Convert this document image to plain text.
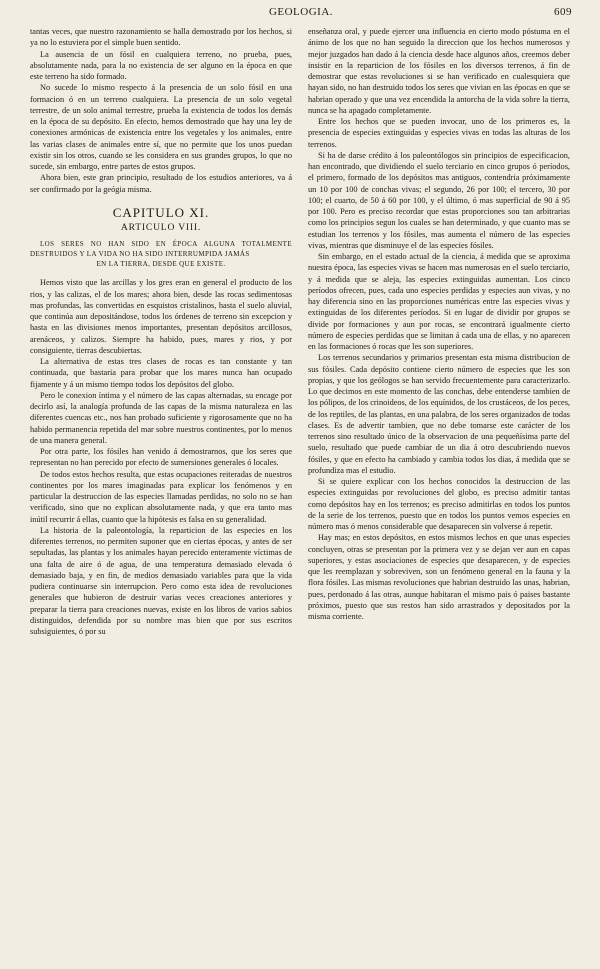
GEOLOGIA.	609

tantas veces, que nuestro razonamiento se halla demostrado por los hechos, si ya no lo estuviera por el simple buen sentido.

La ausencia de un fósil en cualquiera terreno, no prueba, pues, absolutamente nada, para la no existencia de ser alguno en la época en que este terreno ha sido formado.

No sucede lo mismo respecto á la presencia de un solo fósil en una formacion ó en un terreno cualquiera. La presencia de un solo vegetal terrestre, de un solo animal terrestre, prueba la existencia de todos los demás en la época de su depósito. En efecto, hemos demostrado que hay una ley de conexiones armónicas de existencia entre los vegetales y los animales, entre las varias clases de animales entre sí, que no permite que los unos puedan existir sin los otros, cuando se les considera en sus grandes grupos, lo que no sucede, sin embargo, entre partes de estos grupos.

Ahora bien, este gran principio, resultado de los estudios anteriores, va á ser confirmado por la geógia misma.

CAPITULO XI.
ARTICULO VIII.
LOS SERES NO HAN SIDO EN ÉPOCA ALGUNA TOTALMENTE DESTRUIDOS Y LA VIDA NO HA SIDO INTERRUMPIDA JAMÁS
EN LA TIERRA, DESDE QUE EXISTE.

Hemos visto que las arcillas y los gres eran en general el producto de los rios, y las calizas, el de los mares; ahora bien, desde las rocas sedimentosas mas profundas, las convertidas en esquistos cristalinos, hasta el suelo aluvial, que continúa aun depositándose, todos los órdenes de terreno sin excepcion y hasta en las divisiones menos importantes, presentan depósitos arcillosos, arenáceos, y calizos. Siempre ha habido, pues, mares y rios, y por consiguiente, tierras descubiertas.

La alternativa de estas tres clases de rocas es tan constante y tan continuada, que bastaria para probar que los mares nunca han ocupado fijamente y á un mismo tiempo todos los depósitos del globo.

Pero le conexion íntima y el número de las capas alternadas, su encage por decirlo así, la analogía profunda de las capas de la misma naturaleza en las diferentes cuencas etc., nos han probado suficiente y rigorosamente que no ha habido permanencia repetida del mar sobre nuestros continentes, por lo menos de una manera general.

Por otra parte, los fósiles han venido á demostrarnos, que los seres que representan no han perecido por efecto de sumersiones generales ó locales.

De todos estos hechos resulta, que estas ocupaciones reiteradas de nuestros continentes por los mares imaginadas para explicar los fenómenos y en particular la destruccion de las especies llamadas perdidas, no solo no se han verificado, sino que no explican absolutamente nada, y que era tanto mas inútil recurrir á ellas, cuanto que la hipótesis es falsa en su generalidad.

La historia de la paleontología, la reparticion de las especies en los diferentes terrenos, no permiten suponer que en ciertas épocas, y antes de ser sepultadas, las plantas y los animales hayan perecido enteramente víctimas de una falta de aire ó de agua, de una temperatura demasiado elevada ó demasiado baja, y en fin, de medios demasiado variables para que la vida pudiera continuarse sin interrupcion. Pero como esta idea de revoluciones generales que hubieron de destruir varias veces creaciones anteriores y preparar la tierra para creaciones nuevas, existe en los libros de varios sabios distinguidos, defendida por su nombre mas bien que por sus escritos subsiguientes, ó por su

enseñanza oral, y puede ejercer una influencia en cierto modo póstuma en el ánimo de los que no han seguido la direccion que los hechos numerosos y mejor juzgados han dado á la ciencia desde hace algunos años, creemos deber insistir en la reparticion de los fósiles en los diversos terrenos, á fin de demostrar que estas revoluciones si se han verificado en cualesquiera que hayan sido, no han destruido todos los seres que vivian en las épocas en que se habrian operado y que una vez encendida la antorcha de la vida sobre la tierra, nunca se ha apagado completamente.

Entre los hechos que se pueden invocar, uno de los primeros es, la presencia de especies extinguidas y especies vivas en todas las alturas de los terrenos.

Si ha de darse crédito á los paleontólogos sin principios de especificacion, han encontrado, que dividiendo el suelo terciario en cinco grupos ó períodos, el primero, formado de los depósitos mas antiguos, contendria próximamente un 10 por 100 de conchas vivas; el segundo, 26 por 100; el tercero, 30 por 100; el cuarto, de 50 á 60 por 100, y el último, ó mas superficial de 90 á 95 por 100. Pero es preciso recordar que estas proporciones sou tan arbitrarias como los principios segun los cuales se han determinado, y que cuanto mas se estudian los terrenos y los fósiles, mas aumenta el número de las especies vivas, mientras que disminuye el de las especies fósiles.

Sin embargo, en el estado actual de la ciencia, á medida que se aproxima nuestra época, las especies vivas se hacen mas numerosas en el suelo terciario, y á medida que se aleja, las especies extinguidas aumentan. Los cinco períodos ofrecen, pues, cada uno especies perdidas y especies aun vivas, y no hay diferencia sino en las proporciones numéricas entre las especies vivas y extinguidas de los diferentes períodos. Si en lugar de dividir por grupos se divide por formaciones y aun por rocas, se encontrará igualmente cierto número de especies perdidas que se limitan á cada una de ellas, y no aparecen en las formaciones ó rocas que les son superiores.

Los terrenos secundarios y primarios presentan esta misma distribucion de sus fósiles. Cada depósito contiene cierto número de especies que les son propias, y que los geólogos se han servido frecuentemente para caracterizarlo. Lo que decimos en este momento de las conchas, debe entenderse tambien de los pólipos, de los crinoideos, de los equínidos, de los crustáceos, de los peces, de los reptiles, de las plantas, en una palabra, de los seres organizados de todas clases. Es de advertir tambien, que no debe tomarse este carácter de los terrenos sino resultado único de la observacion de una pequeñísima parte del suelo, resultado que puede cambiar de un dia á otro descubriendo nuevos fósiles, y que en efecto ha cambiado y cambia todos los dias, á medida que se profundiza mas el estudio.

Si se quiere explicar con los hechos conocidos la destruccion de las especies extinguidas por revoluciones del globo, es preciso admitir tantas como depósitos hay en los terrenos; es preciso admitirlas en todos los puntos de la serie de los terrenos, puesto que en todos los puntos vemos especies en número mas ó menos considerable que desaparecen sin volverse á repetir.

Hay mas; en estos depósitos, en estos mismos lechos en que unas especies concluyen, otras se presentan por la primera vez y se dejan ver aun en capas superiores, y estas asociaciones de especies que desaparecen, y de especies que les reemplazan y sobreviven, son un fenómeno general en la fauna y la flora fósiles. Las mismas revoluciones que habrian destruido las unas, habrian, pues, perdonado á las otras, aunque habitaran el mismo pais ó paises bastante próximos, puesto que sus restos han sido arrastrados y depositados por la misma corriente.
